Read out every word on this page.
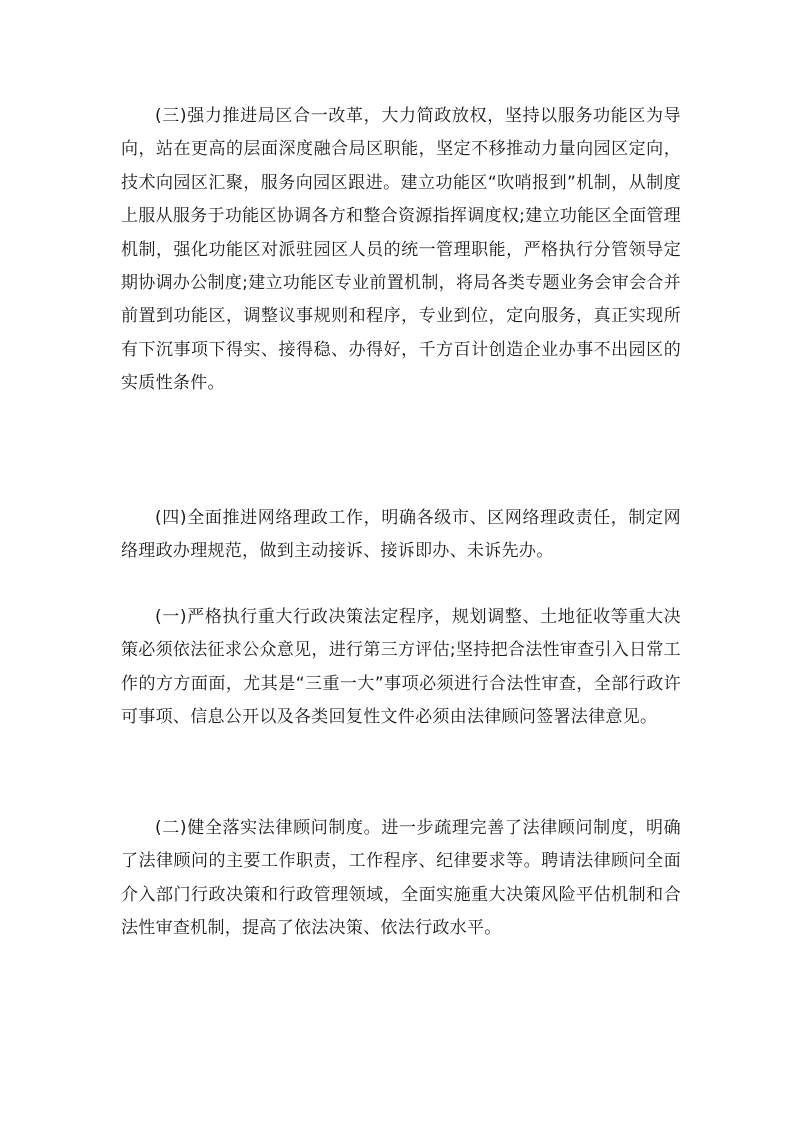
(三)强力推进局区合一改革，大力简政放权，坚持以服务功能区为导向，站在更高的层面深度融合局区职能，坚定不移推动力量向园区定向，技术向园区汇聚，服务向园区跟进。建立功能区“吹哨报到”机制，从制度上服从服务于功能区协调各方和整合资源指挥调度权;建立功能区全面管理机制，强化功能区对派驻园区人员的统一管理职能，严格执行分管领导定期协调办公制度;建立功能区专业前置机制，将局各类专题业务会审会合并前置到功能区，调整议事规则和程序，专业到位，定向服务，真正实现所有下沉事项下得实、接得稳、办得好，千方百计创造企业办事不出园区的实质性条件。

(四)全面推进网络理政工作，明确各级市、区网络理政责任，制定网络理政办理规范，做到主动接诉、接诉即办、未诉先办。

(一)严格执行重大行政决策法定程序，规划调整、土地征收等重大决策必须依法征求公众意见，进行第三方评估;坚持把合法性审查引入日常工作的方方面面，尤其是“三重一大”事项必须进行合法性审查，全部行政许可事项、信息公开以及各类回复性文件必须由法律顾问签署法律意见。

(二)健全落实法律顾问制度。进一步疏理完善了法律顾问制度，明确了法律顾问的主要工作职责，工作程序、纪律要求等。聘请法律顾问全面介入部门行政决策和行政管理领域，全面实施重大决策风险平估机制和合法性审查机制，提高了依法决策、依法行政水平。
